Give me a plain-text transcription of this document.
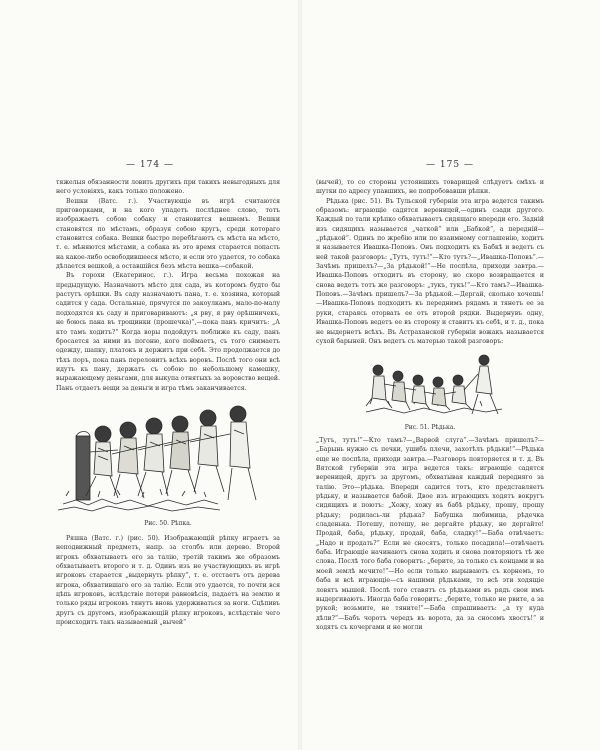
— 174 —

тяжелыя обязанности ловить другихъ при такихъ невыгодныхъ для него условіяхъ, какъ только положено.

Вешки (Ватс. г.). Участвующіе въ игрѣ считаются приговорками, и на кого упадетъ послѣднее слово, тотъ изображаетъ собою собаку и становится вешнемъ. Вешки становятся по мѣстамъ, образуя собою кругъ, среди котораго становится собака. Вешки быстро перебѣгаютъ съ мѣста на мѣсто, т. е. мѣняются мѣстами, а собака въ это время старается попасть на какое-либо освободившееся мѣсто, и если это удается, то собака дѣлается вешкой, а оставшійся безъ мѣста вешка—собакой.

Въ горохи (Екатеринос. г.). Игра весьма похожая на предыдущую. Назначаютъ мѣсто для сада, въ которомъ будто бы растутъ орѣшки. Въ саду назначаютъ пана, т. е. хозяина, который садится у сада. Остальные, прячутся по закоулкамъ, мало-по-малу подходятся къ саду и приговариваютъ: „я рву, я рву орѣшничекъ, не боюсь пана въ трощинки (прошечка)“,—пока панъ кричитъ: „А кто тамъ ходитъ?“ Когда воры подойдутъ поближе къ саду, панъ бросается за ними въ погоню, кого поймаетъ, съ того снимаетъ одежду, шапку, платокъ и держитъ при себѣ. Это продолжается до тѣхъ поръ, пока панъ переловитъ всѣхъ воровъ. Послѣ того они всѣ идутъ къ пану, держатъ съ собою по небольшому камешку, выражающему деньгами, для выкупа отнятыхъ за воровство вещей. Панъ отдаетъ вещи за деньги и игра тѣмъ заканчивается.

Рис. 50. Рѣпка.

Ряшка (Ватс. г.) (рис. 50). Изображающій рѣпку играетъ за неподвижный предметъ, напр. за столбъ или дерево. Второй игрокъ обхватываетъ его за талію, третій такимъ же образомъ обхватываетъ второго и т. д. Одинъ изъ не участвующихъ въ игрѣ игроковъ старается „выдернуть рѣпку“, т. е. отстаетъ отъ дерева игрока, обхватившаго его за талію. Если это удается, то почти вся цѣпь игроковъ, вслѣдствіе потери равновѣсія, падаетъ на землю и только ряды игроковъ тянутъ вновь удерживаться за ноги. Сцѣпивъ другъ съ другомъ, изображающій рѣпку игроковъ, вслѣдствіе чего происходитъ такъ называемый „вычей“

— 175 —

(вычей), то со стороны устоявшихъ товарищей слѣдуетъ смѣхъ и шутки по адресу упавшихъ, не попробовавши рѣпки.

Рѣдька (рис. 51). Въ Тульской губерніи эта игра ведется такимъ образомъ: играющіе садятся вереницей,—одинъ сзади другого. Каждый по тали крѣпко обхватываетъ сидящаго впереди его. Задній изъ сидящихъ называется „чаткой“ или „Бабкой“, а передній—„рѣдькой“. Одинъ по жребію или по взаимному соглашенію, ходитъ и называется Ивашка-Поповъ. Онъ подходитъ къ Бабкѣ и ведетъ съ ней такой разговоръ: „Тутъ, тутъ!“—Кто тутъ?—„Ивашка-Поповъ“.—Зачѣмъ пришелъ?—„За рѣдькой!“—Не поспѣла, приходи завтра.—Ивашка-Поповъ отходитъ въ сторону, но скоро возвращается и снова ведетъ тотъ же разговоръ: „тукъ, тукъ!“—Кто тамъ?—Ивашка-Поповъ.—Зачѣмъ пришелъ?—За рѣдькой.—Дергай, сколько хочешь!—Ивашка-Поповъ подходитъ къ переднимъ рядамъ и тянетъ ее за руки, стараясь оторвать ее отъ второй рядки. Выдернувъ одну, Ивашка-Поповъ ведетъ ее въ сторону и ставитъ къ себѣ, и т. д., пока не выдернетъ всѣхъ. Въ Астраханской губерніи вожакъ называется сухой барыней. Онъ ведетъ съ матерью такой разговоръ:

Рис. 51. Рѣдька.

„Тутъ, тутъ!“—Кто тамъ?—„Варвой слуга“.—Зачѣмъ пришелъ?—„Барынь нужно съ печки, ушибъ плечи, захотѣлъ рѣдьки!“—Рѣдька еще не поспѣла, приходи завтра.—Разговоръ повторяется и т. д. Въ Вятской губерніи эта игра ведется такъ: играющіе садятся вереницей, другъ за другомъ, обхватывая каждый передняго за талію. Это—рѣдька. Впереди садится тотъ, кто представляетъ рѣдьку, и называется бабой. Двое изъ играющихъ ходятъ вокругъ сидящихъ и поютъ: „Хожу, хожу въ бабѣ рѣдьку, прошу, прошу рѣдьку; родилась-ли рѣдька? Бабушка любимица, рѣдечка сладенька. Потешу, потешу, не дергайте рѣдьку, не дергайте! Продай, баба, рѣдьку, продай, баба, сладку!“—Баба отвѣчаетъ: „Надо и продать?“ Если не сносятъ, только посадила!—отвѣчаетъ баба. Играющіе начинаютъ снова ходить и снова повторяютъ тѣ же слова. Послѣ того баба говоритъ: „берите, за только съ концами и на моей землѣ мечите!“—Но если только вырываютъ съ корнемъ, то баба и всѣ играющіе—съ нашими рѣдьками, то всѣ эти ходящіе ловятъ мышей. Послѣ того ставятъ съ рѣдьками въ рядъ свои имъ выдергиваютъ. Иногда баба говоритъ: „берите, только не рвите, а за рукой; возьмите, не тяните!“—Баба спрашиваетъ: „а ту куда дѣли?“—Бабъ чоротъ чередъ въ ворота, да за сносомъ хвостъ!“ и ходятъ съ кочергами и не могли
